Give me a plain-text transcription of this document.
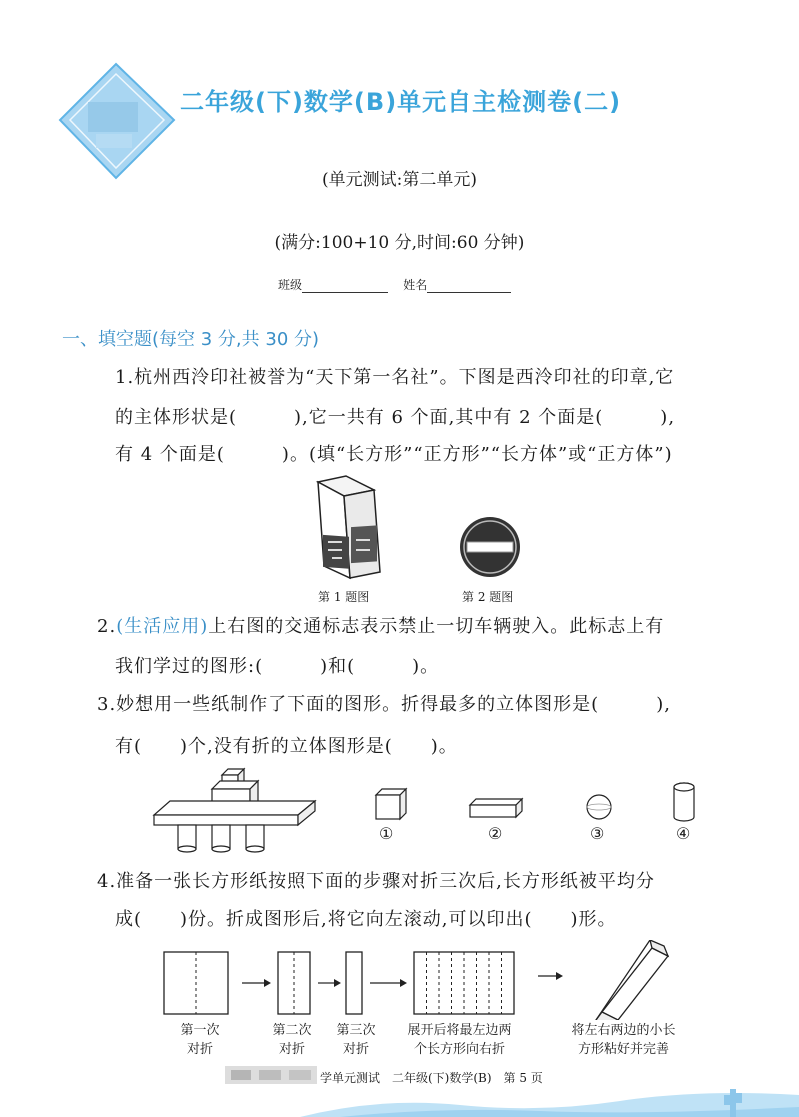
二年级(下)数学(B)单元自主检测卷(二)
(单元测试:第二单元)
(满分:100+10 分,时间:60 分钟)
班级	姓名
一、填空题(每空 3 分,共 30 分)
1.杭州西泠印社被誉为“天下第一名社”。下图是西泠印社的印章,它
的主体形状是(　　　),它一共有 6 个面,其中有 2 个面是(　　　),
有 4 个面是(　　　)。(填“长方形”“正方形”“长方体”或“正方体”)
第 1 题图	第 2 题图
2.(生活应用)上右图的交通标志表示禁止一切车辆驶入。此标志上有
我们学过的图形:(　　　)和(　　　)。
3.妙想用一些纸制作了下面的图形。折得最多的立体图形是(　　　),
有(　　)个,没有折的立体图形是(　　)。
①	②	③	④
4.准备一张长方形纸按照下面的步骤对折三次后,长方形纸被平均分
成(　　)份。折成图形后,将它向左滚动,可以印出(　　)形。
第一次
对折
第二次
对折
第三次
对折
展开后将最左边两
个长方形向右折
将左右两边的小长
方形粘好并完善
学单元测试　二年级(下)数学(B)　第 5 页
